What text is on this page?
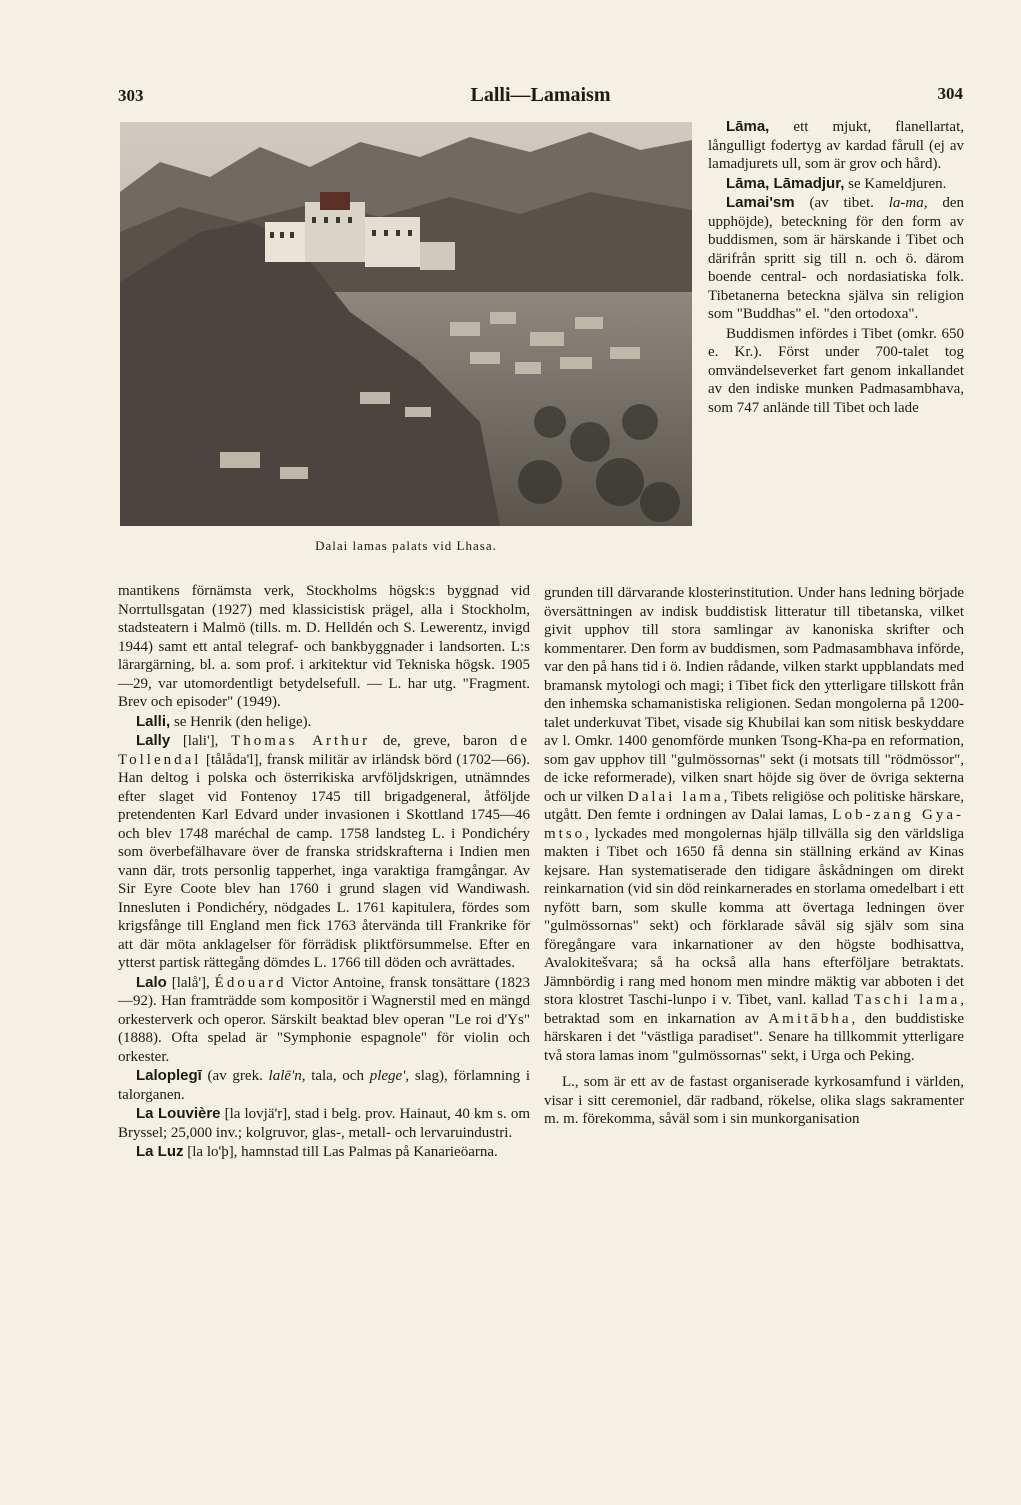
303	Lalli—Lamaism	304
Dalai lamas palats vid Lhasa.

mantikens förnämsta verk, Stockholms högsk:s byggnad vid Norrtullsgatan (1927) med klassicistisk prägel, alla i Stockholm, stadsteatern i Malmö (tills. m. D. Helldén och S. Lewerentz, invigd 1944) samt ett antal telegraf- och bankbyggnader i landsorten. L:s lärargärning, bl. a. som prof. i arkitektur vid Tekniska högsk. 1905 —29, var utomordentligt betydelsefull. — L. har utg. "Fragment. Brev och episoder" (1949).

Lalli, se Henrik (den helige).

Lally [lali'], Thomas Arthur de, greve, baron de Tollendal [tålåda'l], fransk militär av irländsk börd (1702—66). Han deltog i polska och österrikiska arvföljdskrigen, utnämndes efter slaget vid Fontenoy 1745 till brigadgeneral, åtföljde pretendenten Karl Edvard under invasionen i Skottland 1745—46 och blev 1748 maréchal de camp. 1758 landsteg L. i Pondichéry som överbefälhavare över de franska stridskrafterna i Indien men vann där, trots personlig tapperhet, inga varaktiga framgångar. Av Sir Eyre Coote blev han 1760 i grund slagen vid Wandiwash. Innesluten i Pondichéry, nödgades L. 1761 kapitulera, fördes som krigsfånge till England men fick 1763 återvända till Frankrike för att där möta anklagelser för förrädisk pliktförsummelse. Efter en ytterst partisk rättegång dömdes L. 1766 till döden och avrättades.

Lalo [lalå'], Édouard Victor Antoine, fransk tonsättare (1823—92). Han framträdde som kompositör i Wagnerstil med en mängd orkesterverk och operor. Särskilt beaktad blev operan "Le roi d'Ys" (1888). Ofta spelad är "Symphonie espagnole" för violin och orkester.

Laloplegī (av grek. lalē'n, tala, och plege', slag), förlamning i talorganen.

La Louvière [la lovjä'r], stad i belg. prov. Hainaut, 40 km s. om Bryssel; 25,000 inv.; kolgruvor, glas-, metall- och lervaruindustri.

La Luz [la lo'þ], hamnstad till Las Palmas på Kanarieöarna.

Lāma, ett mjukt, flanellartat, långulligt fodertyg av kardad fårull (ej av lamadjurets ull, som är grov och hård).

Lāma, Lāmadjur, se Kameldjuren.

Lamai'sm (av tibet. la-ma, den upphöjde), beteckning för den form av buddismen, som är härskande i Tibet och därifrån spritt sig till n. och ö. därom boende central- och nordasiatiska folk. Tibetanerna beteckna själva sin religion som "Buddhas" el. "den ortodoxa".

Buddismen infördes i Tibet (omkr. 650 e. Kr.). Först under 700-talet tog omvändelseverket fart genom inkallandet av den indiske munken Padmasambhava, som 747 anlände till Tibet och lade

grunden till därvarande klosterinstitution. Under hans ledning började översättningen av indisk buddistisk litteratur till tibetanska, vilket givit upphov till stora samlingar av kanoniska skrifter och kommentarer. Den form av buddismen, som Padmasambhava införde, var den på hans tid i ö. Indien rådande, vilken starkt uppblandats med bramansk mytologi och magi; i Tibet fick den ytterligare tillskott från den inhemska schamanistiska religionen. Sedan mongolerna på 1200-talet underkuvat Tibet, visade sig Khubilai kan som nitisk beskyddare av l. Omkr. 1400 genomförde munken Tsong-Kha-pa en reformation, som gav upphov till "gulmössornas" sekt (i motsats till "rödmössor", de icke reformerade), vilken snart höjde sig över de övriga sekterna och ur vilken Dalai lama, Tibets religiöse och politiske härskare, utgått. Den femte i ordningen av Dalai lamas, Lob-zang Gya-mtso, lyckades med mongolernas hjälp tillvälla sig den världsliga makten i Tibet och 1650 få denna sin ställning erkänd av Kinas kejsare. Han systematiserade den tidigare åskådningen om direkt reinkarnation (vid sin död reinkarnerades en storlama omedelbart i ett nyfött barn, som skulle komma att övertaga ledningen över "gulmössornas" sekt) och förklarade såväl sig själv som sina föregångare vara inkarnationer av den högste bodhisattva, Avalokitešvara; så ha också alla hans efterföljare betraktats. Jämnbördig i rang med honom men mindre mäktig var abboten i det stora klostret Taschi-lunpo i v. Tibet, vanl. kallad Taschi lama, betraktad som en inkarnation av Amitābha, den buddistiske härskaren i det "västliga paradiset". Senare ha tillkommit ytterligare två stora lamas inom "gulmössornas" sekt, i Urga och Peking.

L., som är ett av de fastast organiserade kyrkosamfund i världen, visar i sitt ceremoniel, där radband, rökelse, olika slags sakramenter m. m. förekomma, såväl som i sin munkorganisation
